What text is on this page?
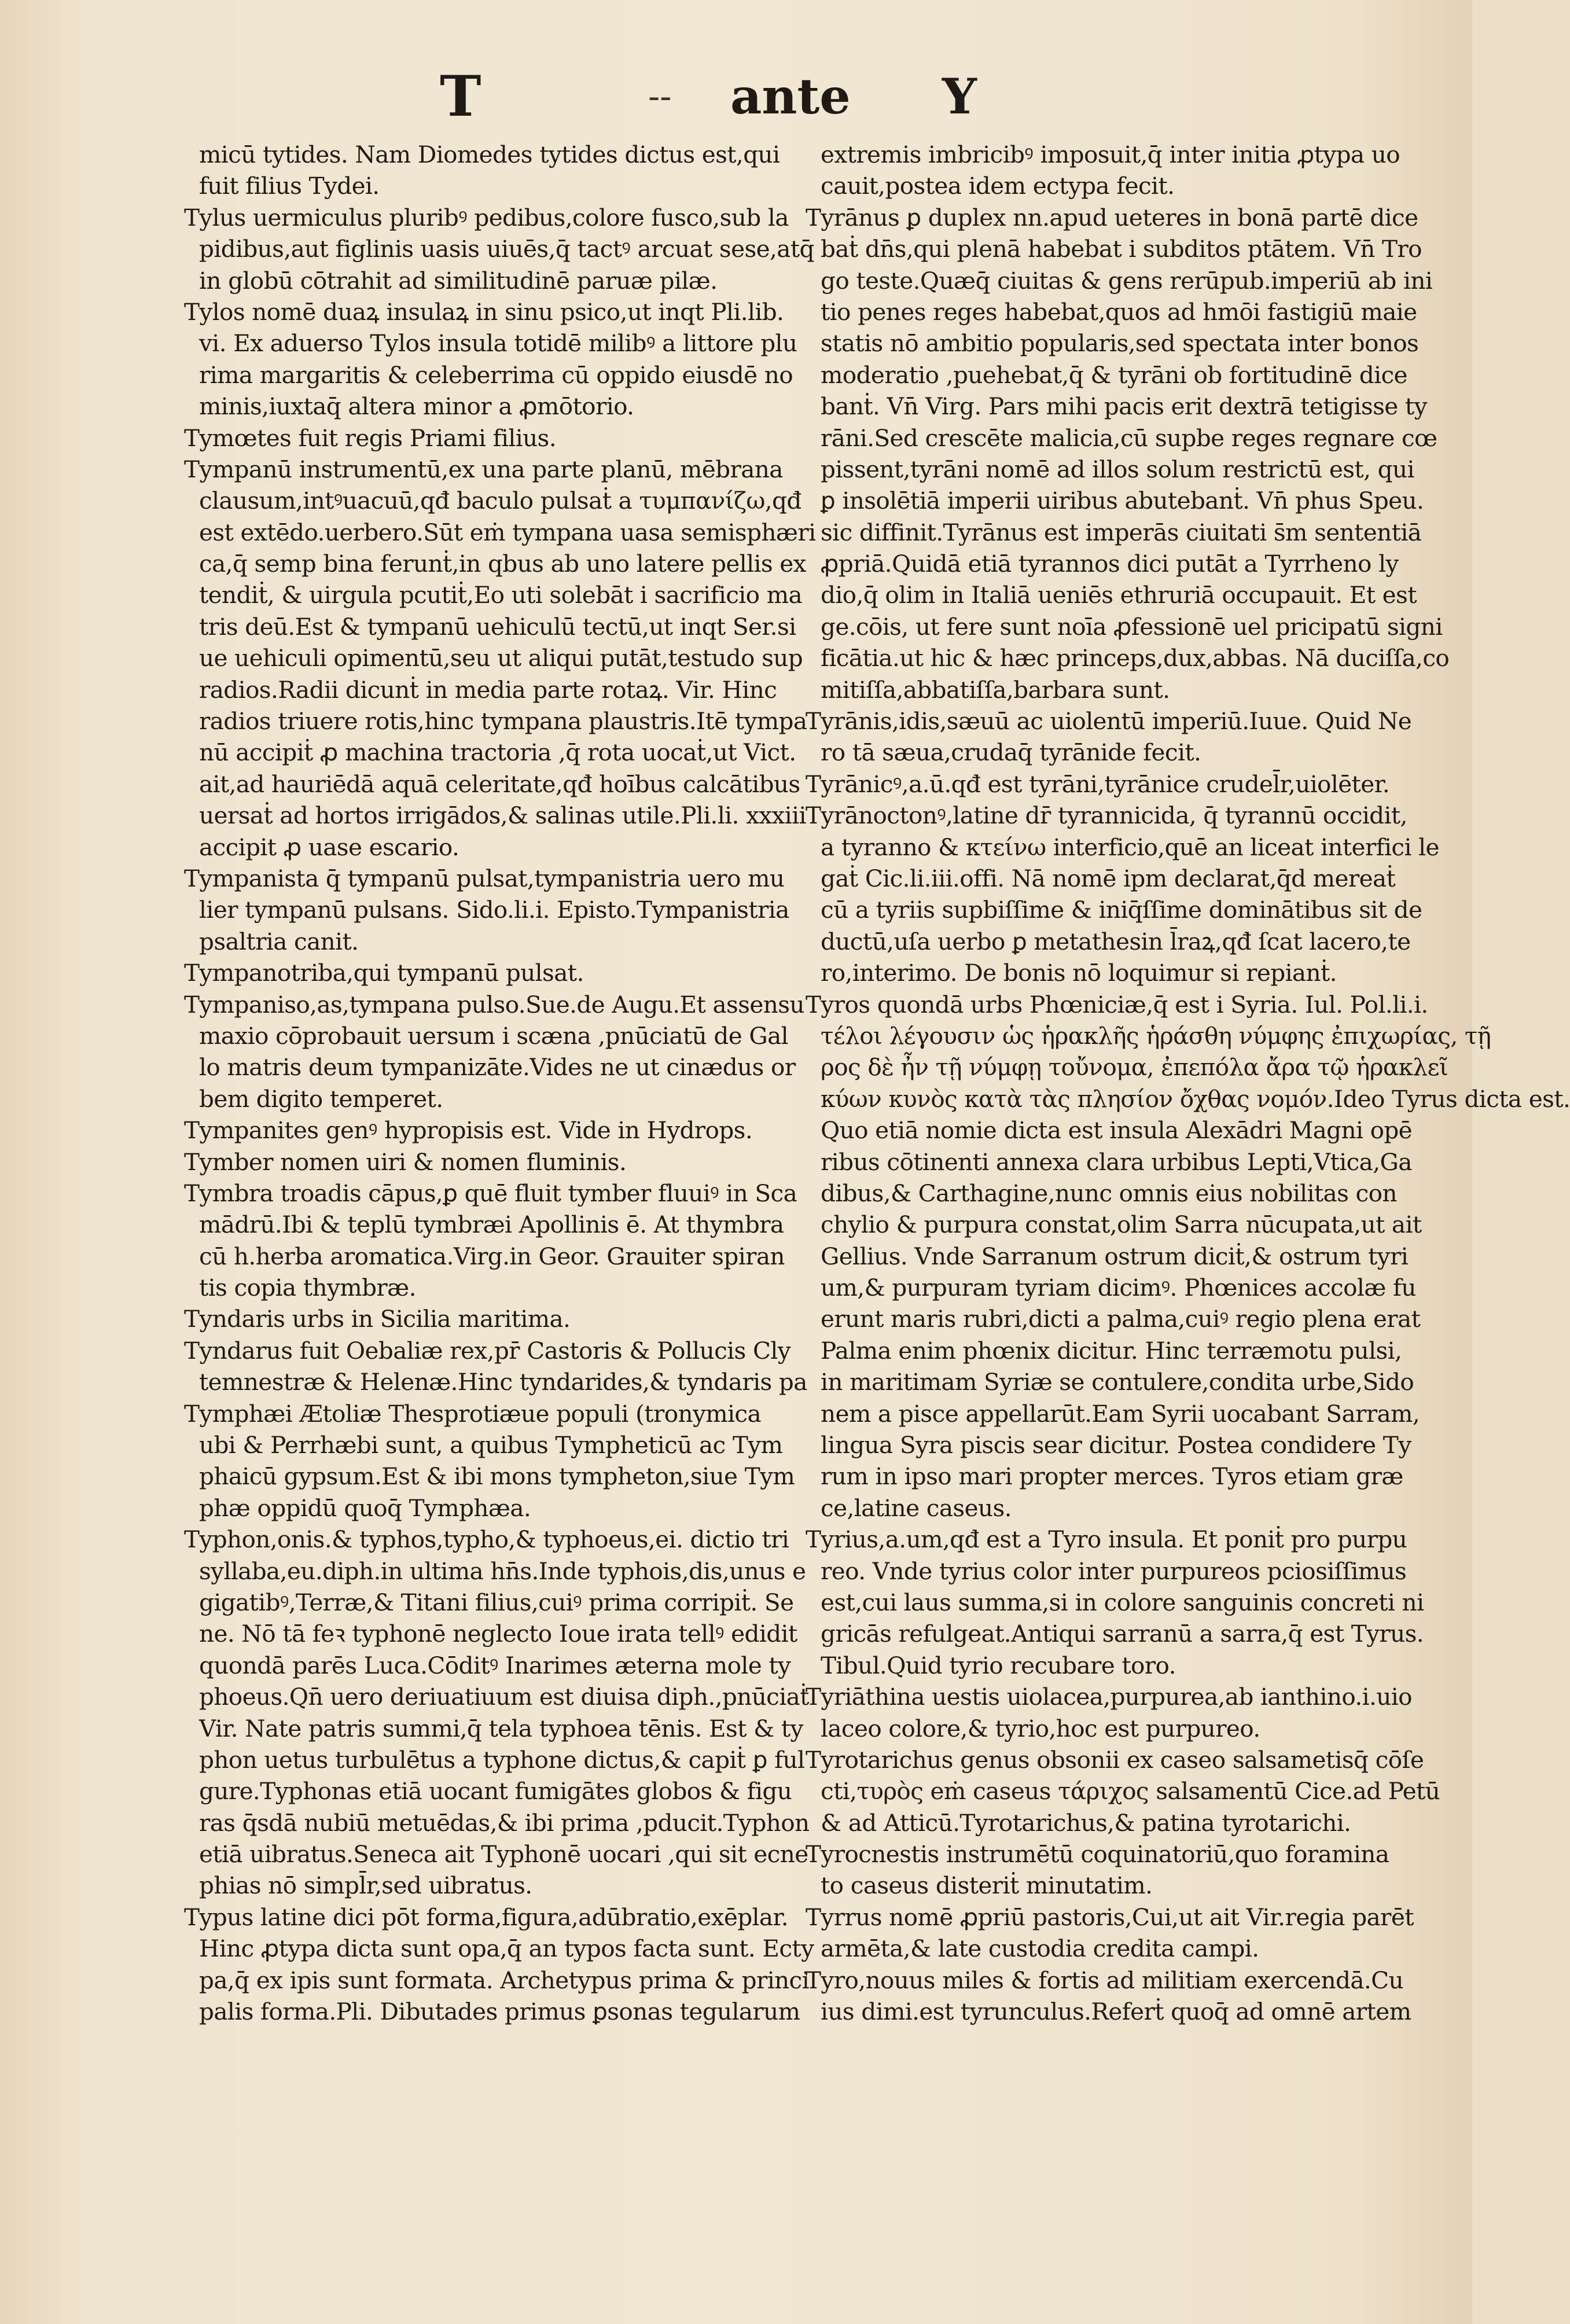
T	-- ante Y
micū tytides. Nam Diomedes tytides dictus est,qui
fuit filius Tydei.
Tylus uermiculus pluribꝰ pedibus,colore fusco,sub la
pidibus,aut figlinis uasis uiuēs,q̄ tactꝰ arcuat sese,atq̄
in globū cōtrahit ad similitudinē paruæ pilæ.
Tylos nomē duaꝝ insulaꝝ in sinu psico,ut inqt Pli.lib.
vi. Ex aduerso Tylos insula totidē milibꝰ a littore plu
rima margaritis & celeberrima cū oppido eiusdē no
minis,iuxtaq̄ altera minor a ꝓmōtorio.
Tymœtes fuit regis Priami filius.
Tympanū instrumentū,ex una parte planū, mēbrana
clausum,intꝰuacuū,qđ baculo pulsaṫ a τυμπανίζω,qđ
est extēdo.uerbero.Sūt eṁ tympana uasa semisphæri
ca,q̄ semp bina ferunṫ,in qbus ab uno latere pellis ex
tendiṫ, & uirgula pcutiṫ,Eo uti solebāt i sacrificio ma
tris deū.Est & tympanū uehiculū tectū,ut inqt Ser.si
ue uehiculi opimentū,seu ut aliqui putāt,testudo sup
radios.Radii dicunṫ in media parte rotaꝝ. Vir. Hinc
radios triuere rotis,hinc tympana plaustris.Itē tympa
nū accipiṫ ꝓ machina tractoria ,q̄ rota uocaṫ,ut Vict.
ait,ad hauriēdā aquā celeritate,qđ hoībus calcātibus
uersaṫ ad hortos irrigādos,& salinas utile.Pli.li. xxxiii
accipit ꝓ uase escario.
Tympanista q̄ tympanū pulsat,tympanistria uero mu
lier tympanū pulsans. Sido.li.i. Episto.Tympanistria
psaltria canit.
Tympanotriba,qui tympanū pulsat.
Tympaniso,as,tympana pulso.Sue.de Augu.Et assensu
maxio cōprobauit uersum i scæna ,pnūciatū de Gal
lo matris deum tympanizāte.Vides ne ut cinædus or
bem digito temperet.
Tympanites genꝰ hypropisis est. Vide in Hydrops.
Tymber nomen uiri & nomen fluminis.
Tymbra troadis cāpus,ꝑ quē fluit tymber fluuiꝰ in Sca
mādrū.Ibi & teplū tymbræi Apollinis ē. At thymbra
cū h.herba aromatica.Virg.in Geor. Grauiter spiran
tis copia thymbræ.
Tyndaris urbs in Sicilia maritima.
Tyndarus fuit Oebaliæ rex,pr̄ Castoris & Pollucis Cly
temnestræ & Helenæ.Hinc tyndarides,& tyndaris pa
Tymphæi Ætoliæ Thesprotiæue populi (tronymica
ubi & Perrhæbi sunt, a quibus Tympheticū ac Tym
phaicū gypsum.Est & ibi mons tympheton,siue Tym
phæ oppidū quoq̄ Tymphæa.
Typhon,onis.& typhos,typho,& typhoeus,ei. dictio tri
syllaba,eu.diph.in ultima hn̄s.Inde typhois,dis,unus e
gigatibꝰ,Terræ,& Titani filius,cuiꝰ prima corripiṫ. Se
ne. Nō tā feꝛ typhonē neglecto Ioue irata tellꝰ edidit
quondā parēs Luca.Cōditꝰ Inarimes æterna mole ty
phoeus.Qn̄ uero deriuatiuum est diuisa diph.,pnūciaṫ
Vir. Nate patris summi,q̄ tela typhoea tēnis. Est & ty
phon uetus turbulētus a typhone dictus,& capiṫ ꝑ ful
gure.Typhonas etiā uocant fumigātes globos & figu
ras q̄sdā nubiū metuēdas,& ibi prima ,pducit.Typhon
etiā uibratus.Seneca ait Typhonē uocari ,qui sit ecne
phias nō simpl̄r,sed uibratus.
Typus latine dici pōt forma,figura,adūbratio,exēplar.
Hinc ꝓtypa dicta sunt opa,q̄ an typos facta sunt. Ecty
pa,q̄ ex ipis sunt formata. Archetypus prima & princi
palis forma.Pli. Dibutades primus ꝑsonas tegularum
extremis imbricibꝰ imposuit,q̄ inter initia ꝓtypa uo
cauit,postea idem ectypa fecit.
Tyrānus ꝑ duplex nn.apud ueteres in bonā partē dice
baṫ dn̄s,qui plenā habebat i subditos ptātem. Vn̄ Tro
go teste.Quæq̄ ciuitas & gens rerūpub.imperiū ab ini
tio penes reges habebat,quos ad hmōi fastigiū maie
statis nō ambitio popularis,sed spectata inter bonos
moderatio ,puehebat,q̄ & tyrāni ob fortitudinē dice
banṫ. Vn̄ Virg. Pars mihi pacis erit dextrā tetigisse ty
rāni.Sed crescēte malicia,cū supbe reges regnare cœ
pissent,tyrāni nomē ad illos solum restrictū est, qui
ꝑ insolētiā imperii uiribus abutebanṫ. Vn̄ phus Speu.
sic diffinit.Tyrānus est imperās ciuitati s̄m sententiā
ꝓpriā.Quidā etiā tyrannos dici putāt a Tyrrheno ly
dio,q̄ olim in Italiā ueniēs ethruriā occupauit. Et est
ge.cōis, ut fere sunt noīa ꝓfessionē uel pricipatū signi
ficātia.ut hic & hæc princeps,dux,abbas. Nā duciſſa,co
mitiſſa,abbatiſſa,barbara sunt.
Tyrānis,idis,sæuū ac uiolentū imperiū.Iuue. Quid Ne
ro tā sæua,crudaq̄ tyrānide fecit.
Tyrānicꝰ,a.ū.qđ est tyrāni,tyrānice crudel̄r,uiolēter.
Tyrānoctonꝰ,latine dr̄ tyrannicida, q̄ tyrannū occidit,
a tyranno & κτείνω interficio,quē an liceat interfici le
gaṫ Cic.li.iii.offi. Nā nomē ipm declarat,q̄d mereaṫ
cū a tyriis supbiſſime & iniq̄ſſime dominātibus sit de
ductū,uſa uerbo ꝑ metathesin l̄raꝝ,qđ ſcat lacero,te
ro,interimo. De bonis nō loquimur si repianṫ.
Tyros quondā urbs Phœniciæ,q̄ est i Syria. Iul. Pol.li.i.
τέλοι λέγουσιν ὡς ἡρακλῆς ἡράσθη νύμφης ἐπιχωρίας, τῇ
ρος δὲ ἦν τῇ νύμφῃ τοὔνομα, ἐπεπόλα ἄρα τῷ ἡρακλεῖ
κύων κυνὸς κατὰ τὰς πλησίον ὄχθας νομόν.Ideo Tyrus dicta est.
Quo etiā nomie dicta est insula Alexādri Magni opē
ribus cōtinenti annexa clara urbibus Lepti,Vtica,Ga
dibus,& Carthagine,nunc omnis eius nobilitas con
chylio & purpura constat,olim Sarra nūcupata,ut ait
Gellius. Vnde Sarranum ostrum diciṫ,& ostrum tyri
um,& purpuram tyriam dicimꝰ. Phœnices accolæ fu
erunt maris rubri,dicti a palma,cuiꝰ regio plena erat
Palma enim phœnix dicitur. Hinc terræmotu pulsi,
in maritimam Syriæ se contulere,condita urbe,Sido
nem a pisce appellarūt.Eam Syrii uocabant Sarram,
lingua Syra piscis sear dicitur. Postea condidere Ty
rum in ipso mari propter merces. Tyros etiam græ
ce,latine caseus.
Tyrius,a.um,qđ est a Tyro insula. Et poniṫ pro purpu
reo. Vnde tyrius color inter purpureos pciosiſſimus
est,cui laus summa,si in colore sanguinis concreti ni
gricās refulgeat.Antiqui sarranū a sarra,q̄ est Tyrus.
Tibul.Quid tyrio recubare toro.
Tyriāthina uestis uiolacea,purpurea,ab ianthino.i.uio
laceo colore,& tyrio,hoc est purpureo.
Tyrotarichus genus obsonii ex caseo salsametisq̄ cōſe
cti,τυρὸς eṁ caseus τάριχος salsamentū Cice.ad Petū
& ad Atticū.Tyrotarichus,& patina tyrotarichi.
Tyrocnestis instrumētū coquinatoriū,quo foramina
to caseus disteriṫ minutatim.
Tyrrus nomē ꝓpriū pastoris,Cui,ut ait Vir.regia parēt
armēta,& late custodia credita campi.
Tyro,nouus miles & fortis ad militiam exercendā.Cu
ius dimi.est tyrunculus.Referṫ quoq̄ ad omnē artem
